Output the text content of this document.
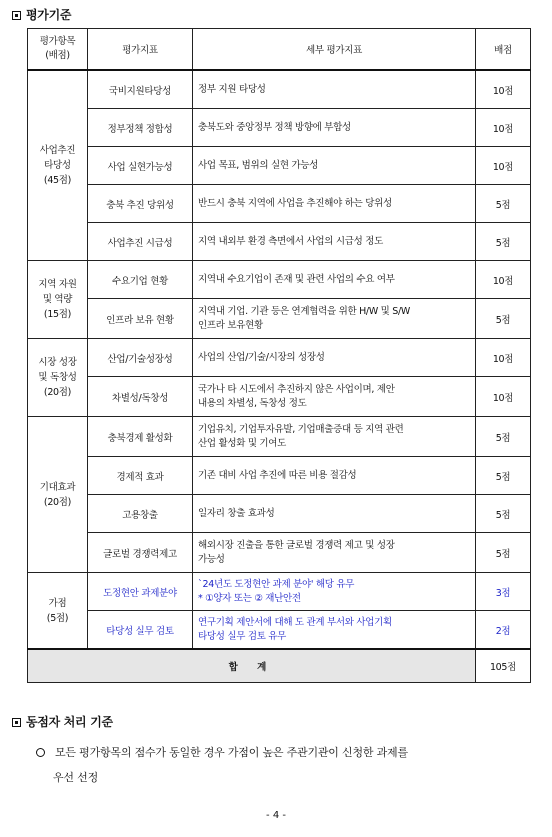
평가기준
평가항목
(배점)	평가지표	세부 평가지표	배점
사업추진
타당성
(45점)	국비지원타당성	정부 지원 타당성	10점
	정부정책 정합성	충북도와 중앙정부 정책 방향에 부합성	10점
	사업 실현가능성	사업 목표, 범위의 실현 가능성	10점
	충북 추진 당위성	반드시 충북 지역에 사업을 추진해야 하는 당위성	5점
	사업추진 시급성	지역 내외부 환경 측면에서 사업의 시급성 정도	5점
지역 자원
및 역량
(15점)	수요기업 현황	지역내 수요기업이 존재 및 관련 사업의 수요 여부	10점
	인프라 보유 현황	지역내 기업. 기관 등은 연계협력을 위한 H/W 및 S/W
인프라 보유현황	5점
시장 성장
및 독창성
(20점)	산업/기술성장성	사업의 산업/기술/시장의 성장성	10점
	차별성/독창성	국가나 타 시도에서 추진하지 않은 사업이며, 제안
내용의 차별성, 독창성 정도	10점
기대효과
(20점)	충북경제 활성화	기업유치, 기업투자유발, 기업매출증대 등 지역 관련
산업 활성화 및 기여도	5점
	경제적 효과	기존 대비 사업 추진에 따른 비용 절감성	5점
	고용창출	일자리 창출 효과성	5점
	글로벌 경쟁력제고	해외시장 진출을 통한 글로벌 경쟁력 제고 및 성장
가능성	5점
가점
(5점)	도정현안 과제분야	`24년도 도정현안 과제 분야' 해당 유무
* ①양자 또는 ② 재난안전	3점
	타당성 실무 검토	연구기획 제안서에 대해 도 관계 부서와 사업기획
타당성 실무 검토 유무	2점
합 계			105점
동점자 처리 기준
모든 평가항목의 점수가 동일한 경우 가점이 높은 주관기관이 신청한 과제를
우선 선정
- 4 -
